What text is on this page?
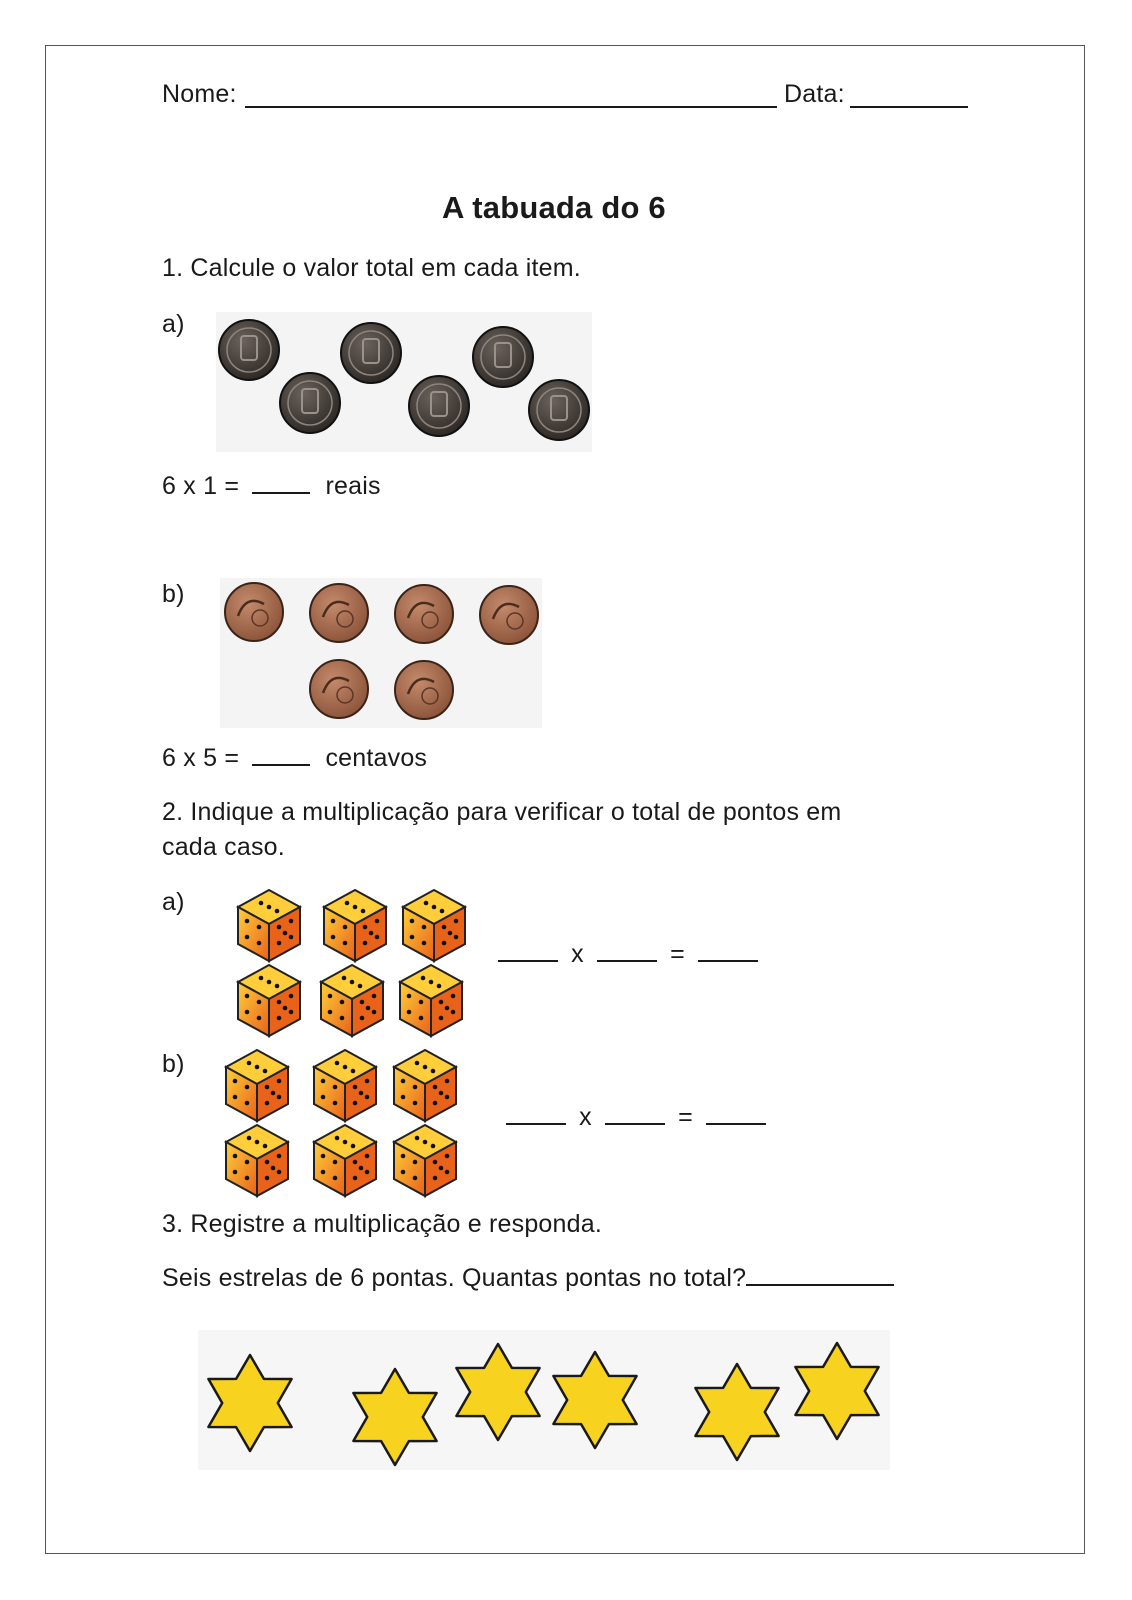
Nome:	Data:
A tabuada do 6
1. Calcule o valor total em cada item.
a)
6 x 1 =	reais
b)
6 x 5 =	centavos
2. Indique a multiplicação para verificar o total de pontos em
cada caso.
a)
x	=
b)
x	=
3. Registre a multiplicação e responda.
Seis estrelas de 6 pontas. Quantas pontas no total?
